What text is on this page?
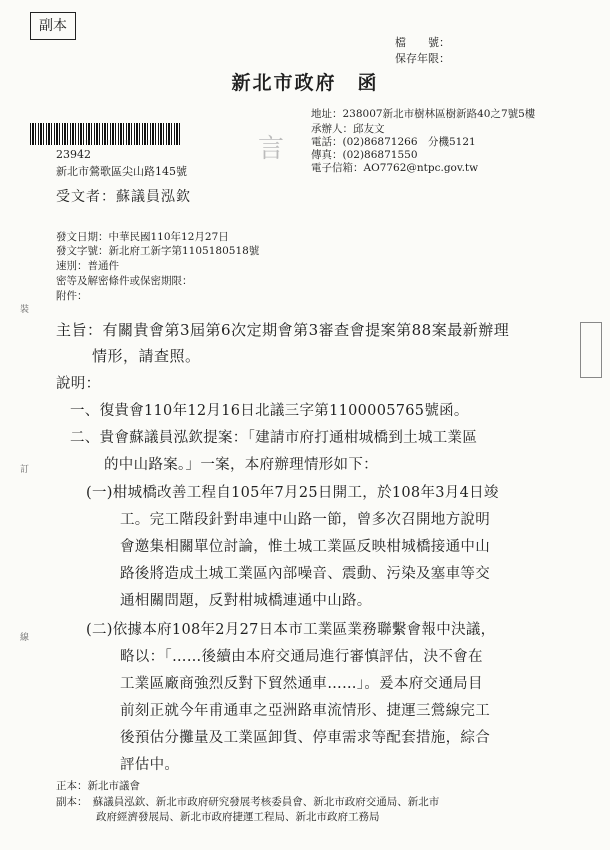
副本
檔　　號：
保存年限：
新北市政府　函
言
地址：238007新北市樹林區樹新路40之7號5樓
承辦人：邱友文
電話：(02)86871266　分機5121
傳真：(02)86871550
電子信箱：AO7762@ntpc.gov.tw
23942
新北市鶯歌區尖山路145號
受文者：蘇議員泓欽
發文日期：中華民國110年12月27日
發文字號：新北府工新字第1105180518號
速別：普通件
密等及解密條件或保密期限：
附件：
主旨：有關貴會第3屆第6次定期會第3審查會提案第88案最新辦理
情形，請查照。
說明：
一、復貴會110年12月16日北議三字第1100005765號函。
二、貴會蘇議員泓欽提案：「建請市府打通柑城橋到土城工業區
的中山路案。」一案，本府辦理情形如下：
(一)柑城橋改善工程自105年7月25日開工，於108年3月4日竣
工。完工階段針對串連中山路一節，曾多次召開地方說明
會邀集相關單位討論，惟土城工業區反映柑城橋接通中山
路後將造成土城工業區內部噪音、震動、污染及塞車等交
通相關問題，反對柑城橋連通中山路。
(二)依據本府108年2月27日本市工業區業務聯繫會報中決議，
略以：「……後續由本府交通局進行審慎評估，決不會在
工業區廠商強烈反對下貿然通車……」。爰本府交通局目
前刻正就今年甫通車之亞洲路車流情形、捷運三鶯線完工
後預估分攤量及工業區卸貨、停車需求等配套措施，綜合
評估中。
正本：新北市議會
副本：　蘇議員泓欽、新北市政府研究發展考核委員會、新北市政府交通局、新北市
政府經濟發展局、新北市政府捷運工程局、新北市政府工務局
裝
訂
線
